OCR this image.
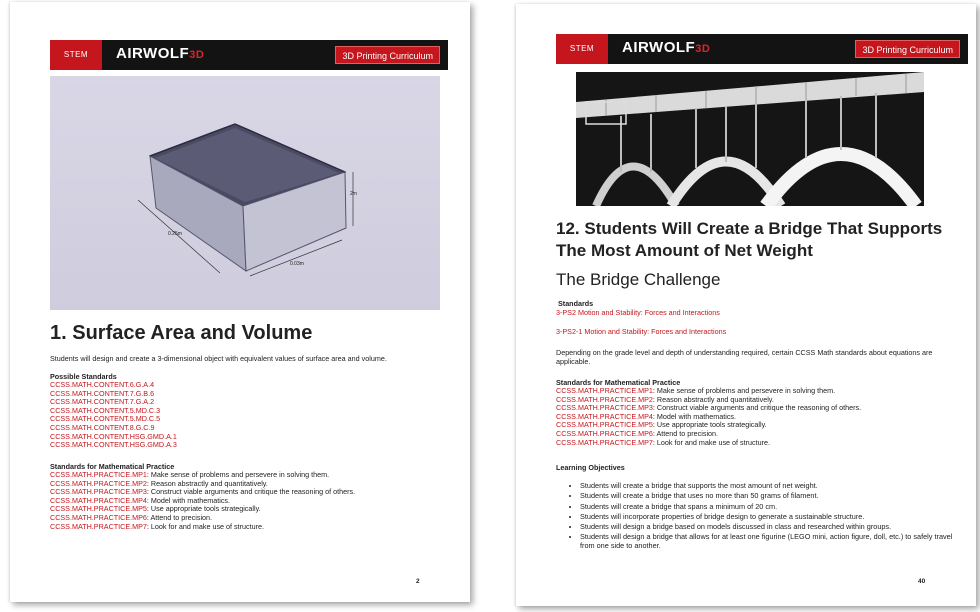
STEM	AIRWOLF3D	3D Printing Curriculum
0.25m
0.03m
2m
1. Surface Area and Volume
Students will design and create a 3-dimensional object with equivalent values of surface area and volume.
Possible Standards
CCSS.MATH.CONTENT.6.G.A.4
CCSS.MATH.CONTENT.7.G.B.6
CCSS.MATH.CONTENT.7.G.A.2
CCSS.MATH.CONTENT.5.MD.C.3
CCSS.MATH.CONTENT.5.MD.C.5
CCSS.MATH.CONTENT.8.G.C.9
CCSS.MATH.CONTENT.HSG.GMD.A.1
CCSS.MATH.CONTENT.HSG.GMD.A.3
Standards for Mathematical Practice
CCSS.MATH.PRACTICE.MP1: Make sense of problems and persevere in solving them.
CCSS.MATH.PRACTICE.MP2: Reason abstractly and quantitatively.
CCSS.MATH.PRACTICE.MP3: Construct viable arguments and critique the reasoning of others.
CCSS.MATH.PRACTICE.MP4: Model with mathematics.
CCSS.MATH.PRACTICE.MP5: Use appropriate tools strategically.
CCSS.MATH.PRACTICE.MP6: Attend to precision.
CCSS.MATH.PRACTICE.MP7: Look for and make use of structure.
2
STEM	AIRWOLF3D	3D Printing Curriculum
12. Students Will Create a Bridge That Supports The Most Amount of Net Weight
The Bridge Challenge
Standards
3-PS2 Motion and Stability: Forces and Interactions
3-PS2-1 Motion and Stability: Forces and Interactions
Depending on the grade level and depth of understanding required, certain CCSS Math standards about equations are applicable.
Standards for Mathematical Practice
CCSS.MATH.PRACTICE.MP1: Make sense of problems and persevere in solving them.
CCSS.MATH.PRACTICE.MP2: Reason abstractly and quantitatively.
CCSS.MATH.PRACTICE.MP3: Construct viable arguments and critique the reasoning of others.
CCSS.MATH.PRACTICE.MP4: Model with mathematics.
CCSS.MATH.PRACTICE.MP5: Use appropriate tools strategically.
CCSS.MATH.PRACTICE.MP6: Attend to precision.
CCSS.MATH.PRACTICE.MP7: Look for and make use of structure.
Learning Objectives
• Students will create a bridge that supports the most amount of net weight.
• Students will create a bridge that uses no more than 50 grams of filament.
• Students will create a bridge that spans a minimum of 20 cm.
• Students will incorporate properties of bridge design to generate a sustainable structure.
• Students will design a bridge based on models discussed in class and researched within groups.
• Students will design a bridge that allows for at least one figurine (LEGO mini, action figure, doll, etc.) to safely travel from one side to another.
40
